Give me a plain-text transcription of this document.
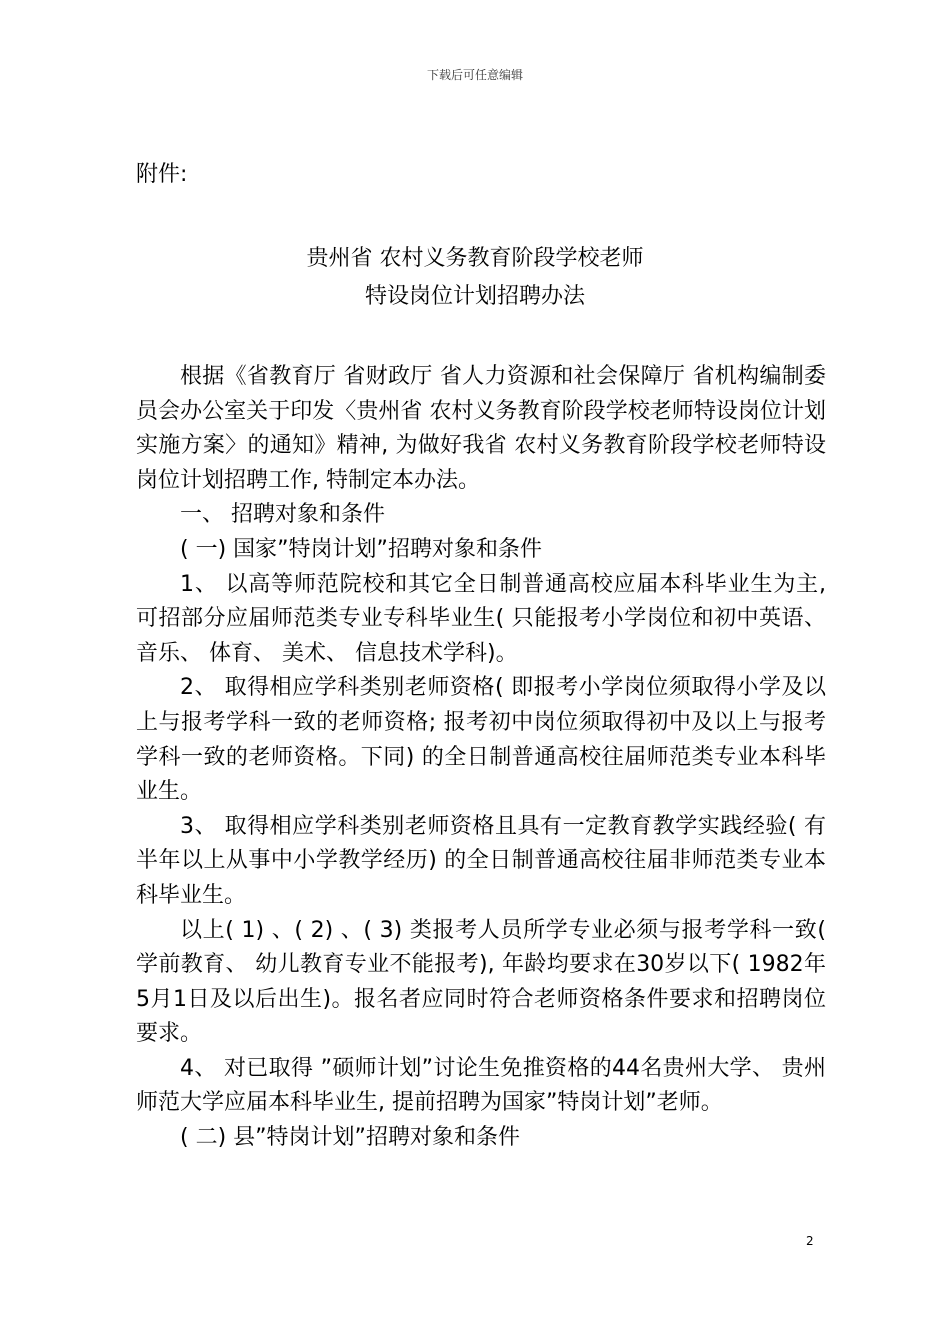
下载后可任意编辑
附件:
贵州省 农村义务教育阶段学校老师
特设岗位计划招聘办法

根据《省教育厅 省财政厅 省人力资源和社会保障厅 省机构编制委员会办公室关于印发〈贵州省 农村义务教育阶段学校老师特设岗位计划实施方案〉的通知》精神, 为做好我省 农村义务教育阶段学校老师特设岗位计划招聘工作, 特制定本办法。

一、 招聘对象和条件

( 一) 国家”特岗计划”招聘对象和条件

1、 以高等师范院校和其它全日制普通高校应届本科毕业生为主, 可招部分应届师范类专业专科毕业生( 只能报考小学岗位和初中英语、 音乐、 体育、 美术、 信息技术学科)。

2、 取得相应学科类别老师资格( 即报考小学岗位须取得小学及以上与报考学科一致的老师资格; 报考初中岗位须取得初中及以上与报考学科一致的老师资格。下同) 的全日制普通高校往届师范类专业本科毕业生。

3、 取得相应学科类别老师资格且具有一定教育教学实践经验( 有半年以上从事中小学教学经历) 的全日制普通高校往届非师范类专业本科毕业生。

以上( 1) 、( 2) 、( 3) 类报考人员所学专业必须与报考学科一致( 学前教育、 幼儿教育专业不能报考), 年龄均要求在30岁以下( 1982年5月1日及以后出生)。报名者应同时符合老师资格条件要求和招聘岗位要求。

4、 对已取得 ”硕师计划”讨论生免推资格的44名贵州大学、 贵州师范大学应届本科毕业生, 提前招聘为国家”特岗计划”老师。

( 二) 县”特岗计划”招聘对象和条件

2
